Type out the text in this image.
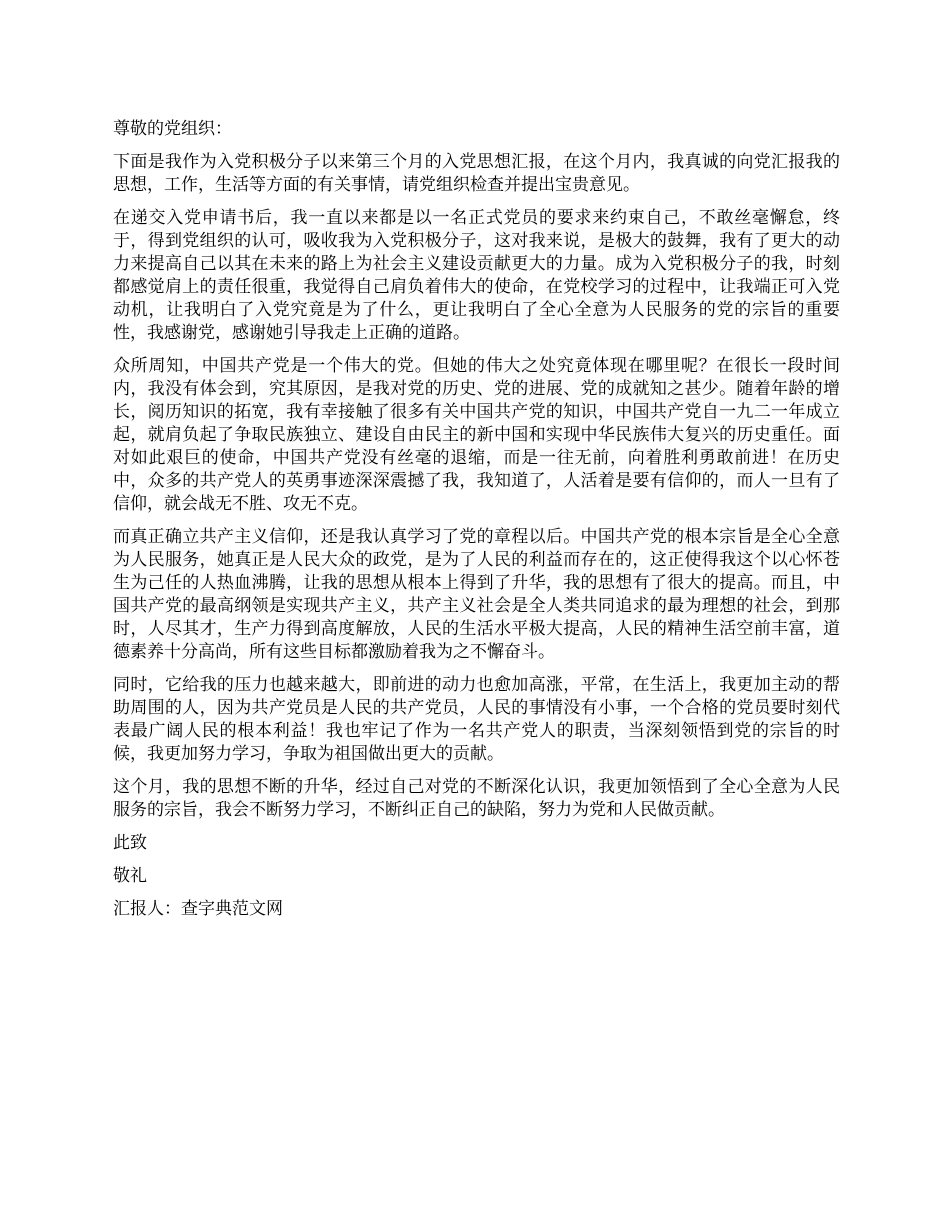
尊敬的党组织：

下面是我作为入党积极分子以来第三个月的入党思想汇报，在这个月内，我真诚的向党汇报我的思想，工作，生活等方面的有关事情，请党组织检查并提出宝贵意见。

在递交入党申请书后，我一直以来都是以一名正式党员的要求来约束自己，不敢丝毫懈怠，终于，得到党组织的认可，吸收我为入党积极分子，这对我来说，是极大的鼓舞，我有了更大的动力来提高自己以其在未来的路上为社会主义建设贡献更大的力量。成为入党积极分子的我，时刻都感觉肩上的责任很重，我觉得自己肩负着伟大的使命，在党校学习的过程中，让我端正可入党动机，让我明白了入党究竟是为了什么，更让我明白了全心全意为人民服务的党的宗旨的重要性，我感谢党，感谢她引导我走上正确的道路。

众所周知，中国共产党是一个伟大的党。但她的伟大之处究竟体现在哪里呢？在很长一段时间内，我没有体会到，究其原因，是我对党的历史、党的进展、党的成就知之甚少。随着年龄的增长，阅历知识的拓宽，我有幸接触了很多有关中国共产党的知识，中国共产党自一九二一年成立起，就肩负起了争取民族独立、建设自由民主的新中国和实现中华民族伟大复兴的历史重任。面对如此艰巨的使命，中国共产党没有丝毫的退缩，而是一往无前，向着胜利勇敢前进！在历史中，众多的共产党人的英勇事迹深深震撼了我，我知道了，人活着是要有信仰的，而人一旦有了信仰，就会战无不胜、攻无不克。

而真正确立共产主义信仰，还是我认真学习了党的章程以后。中国共产党的根本宗旨是全心全意为人民服务，她真正是人民大众的政党，是为了人民的利益而存在的，这正使得我这个以心怀苍生为己任的人热血沸腾，让我的思想从根本上得到了升华，我的思想有了很大的提高。而且，中国共产党的最高纲领是实现共产主义，共产主义社会是全人类共同追求的最为理想的社会，到那时，人尽其才，生产力得到高度解放，人民的生活水平极大提高，人民的精神生活空前丰富，道德素养十分高尚，所有这些目标都激励着我为之不懈奋斗。

同时，它给我的压力也越来越大，即前进的动力也愈加高涨，平常，在生活上，我更加主动的帮助周围的人，因为共产党员是人民的共产党员，人民的事情没有小事，一个合格的党员要时刻代表最广阔人民的根本利益！我也牢记了作为一名共产党人的职责，当深刻领悟到党的宗旨的时候，我更加努力学习，争取为祖国做出更大的贡献。

这个月，我的思想不断的升华，经过自己对党的不断深化认识，我更加领悟到了全心全意为人民服务的宗旨，我会不断努力学习，不断纠正自己的缺陷，努力为党和人民做贡献。

此致

敬礼

汇报人：查字典范文网
